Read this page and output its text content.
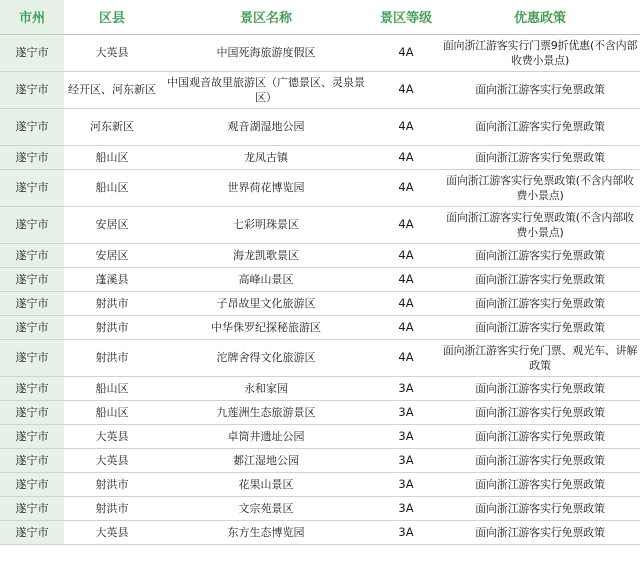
市州	区县	景区名称	景区等级	优惠政策
遂宁市	大英县	中国死海旅游度假区	4A	面向浙江游客实行门票9折优惠(不含内部收费小景点)
遂宁市	经开区、河东新区	中国观音故里旅游区（广德景区、灵泉景区）	4A	面向浙江游客实行免票政策
遂宁市	河东新区	观音湖湿地公园	4A	面向浙江游客实行免票政策
遂宁市	船山区	龙凤古镇	4A	面向浙江游客实行免票政策
遂宁市	船山区	世界荷花博览园	4A	面向浙江游客实行免票政策(不含内部收费小景点)
遂宁市	安居区	七彩明珠景区	4A	面向浙江游客实行免票政策(不含内部收费小景点)
遂宁市	安居区	海龙凯歌景区	4A	面向浙江游客实行免票政策
遂宁市	蓬溪县	高峰山景区	4A	面向浙江游客实行免票政策
遂宁市	射洪市	子昂故里文化旅游区	4A	面向浙江游客实行免票政策
遂宁市	射洪市	中华侏罗纪探秘旅游区	4A	面向浙江游客实行免票政策
遂宁市	射洪市	沱牌舍得文化旅游区	4A	面向浙江游客实行免门票、观光车、讲解政策
遂宁市	船山区	永和家园	3A	面向浙江游客实行免票政策
遂宁市	船山区	九莲洲生态旅游景区	3A	面向浙江游客实行免票政策
遂宁市	大英县	卓筒井遗址公园	3A	面向浙江游客实行免票政策
遂宁市	大英县	郪江湿地公园	3A	面向浙江游客实行免票政策
遂宁市	射洪市	花果山景区	3A	面向浙江游客实行免票政策
遂宁市	射洪市	文宗苑景区	3A	面向浙江游客实行免票政策
遂宁市	大英县	东方生态博览园	3A	面向浙江游客实行免票政策
